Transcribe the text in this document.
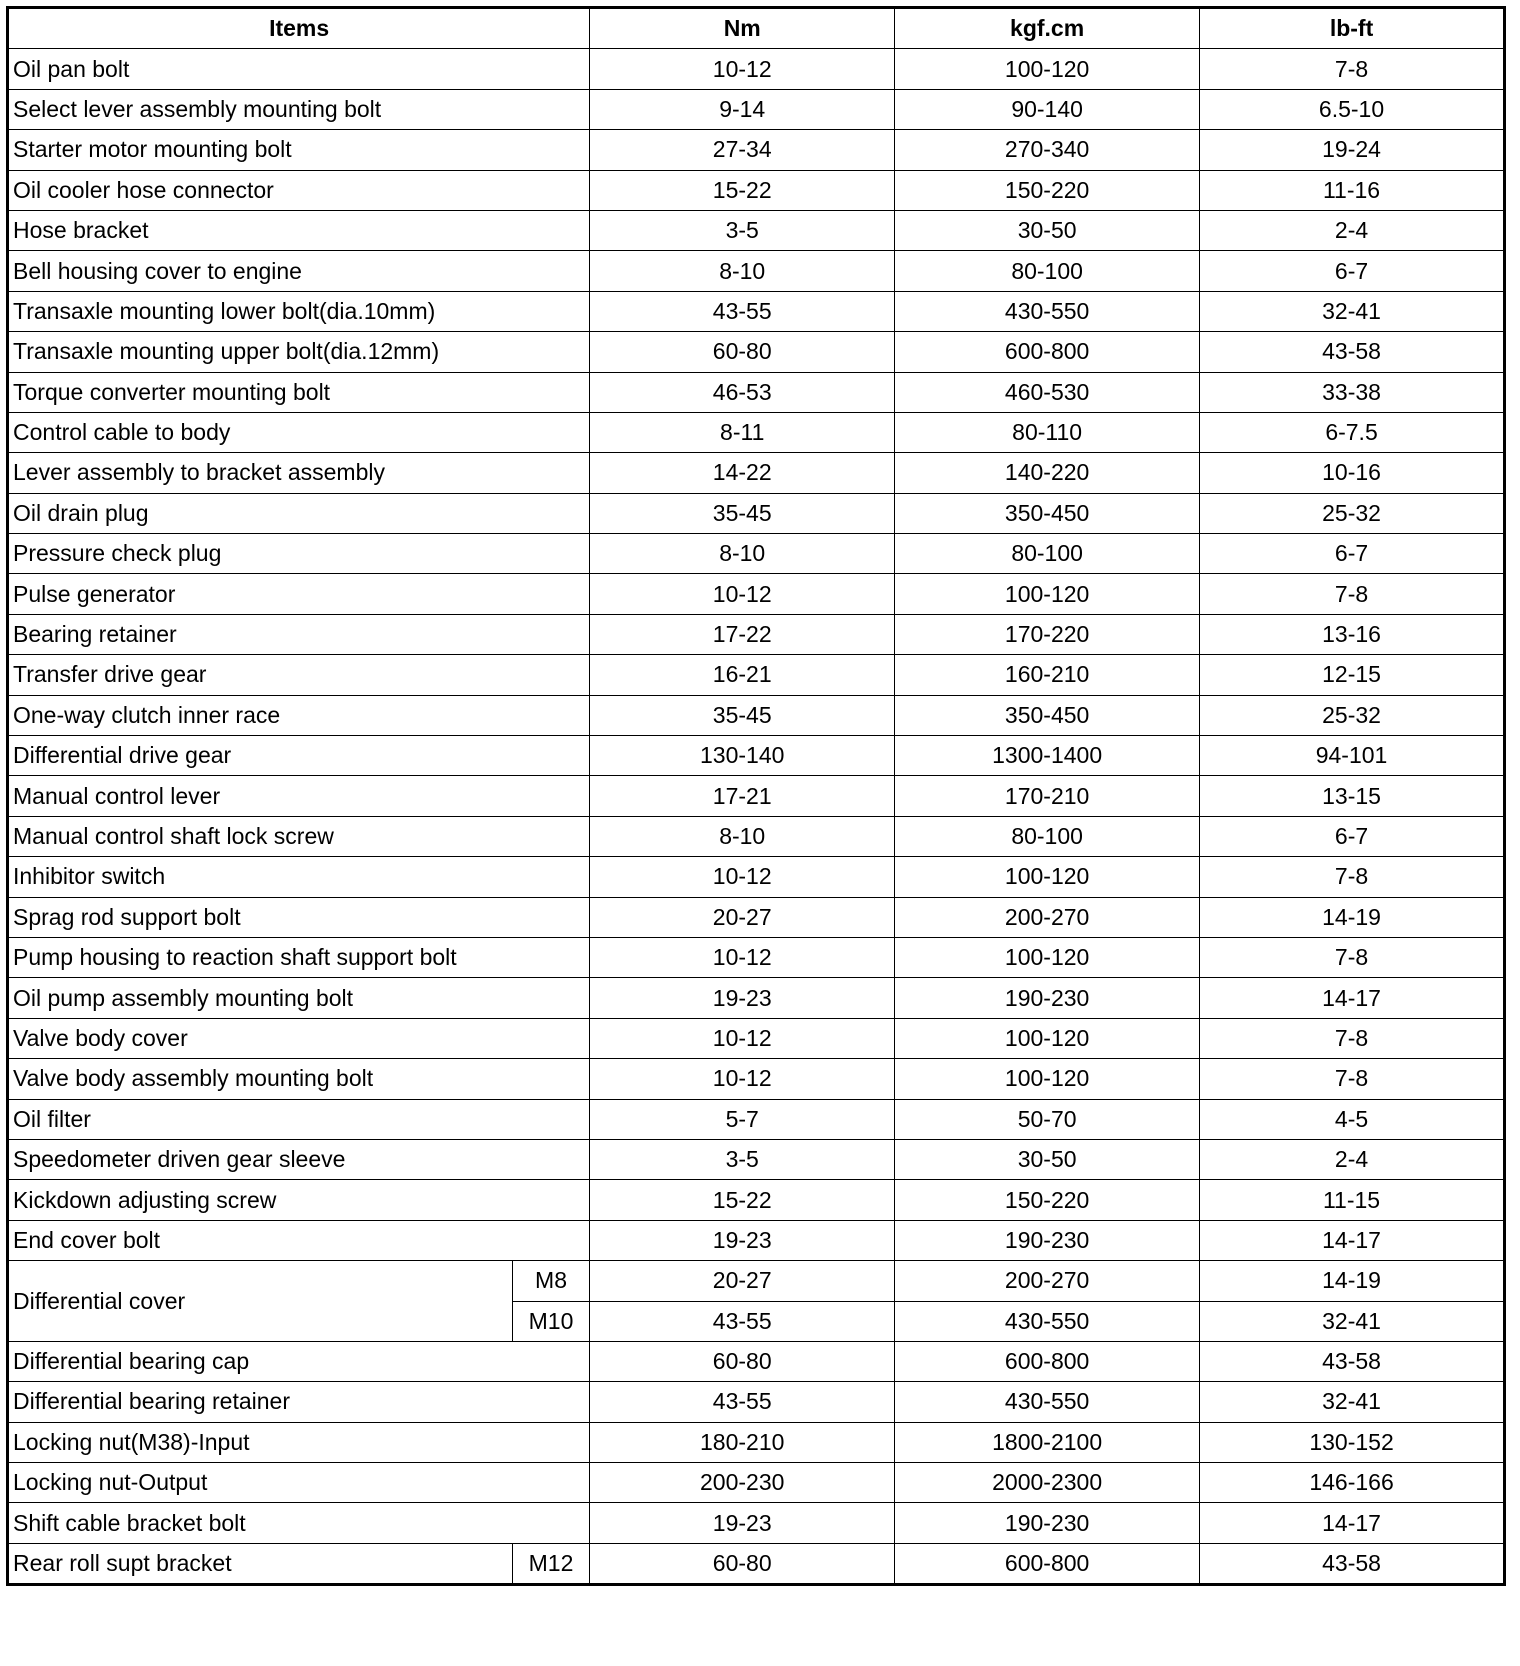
Items		Nm	kgf.cm	lb-ft
Oil pan bolt		10-12	100-120	7-8
Select lever assembly mounting bolt		9-14	90-140	6.5-10
Starter motor mounting bolt		27-34	270-340	19-24
Oil cooler hose connector		15-22	150-220	11-16
Hose bracket		3-5	30-50	2-4
Bell housing cover to engine		8-10	80-100	6-7
Transaxle mounting lower bolt(dia.10mm)		43-55	430-550	32-41
Transaxle mounting upper bolt(dia.12mm)		60-80	600-800	43-58
Torque converter mounting bolt		46-53	460-530	33-38
Control cable to body		8-11	80-110	6-7.5
Lever assembly to bracket assembly		14-22	140-220	10-16
Oil drain plug		35-45	350-450	25-32
Pressure check plug		8-10	80-100	6-7
Pulse generator		10-12	100-120	7-8
Bearing retainer		17-22	170-220	13-16
Transfer drive gear		16-21	160-210	12-15
One-way clutch inner race		35-45	350-450	25-32
Differential drive gear		130-140	1300-1400	94-101
Manual control lever		17-21	170-210	13-15
Manual control shaft lock screw		8-10	80-100	6-7
Inhibitor switch		10-12	100-120	7-8
Sprag rod support bolt		20-27	200-270	14-19
Pump housing to reaction shaft support bolt		10-12	100-120	7-8
Oil pump assembly mounting bolt		19-23	190-230	14-17
Valve body cover		10-12	100-120	7-8
Valve body assembly mounting bolt		10-12	100-120	7-8
Oil filter		5-7	50-70	4-5
Speedometer driven gear sleeve		3-5	30-50	2-4
Kickdown adjusting screw		15-22	150-220	11-15
End cover bolt		19-23	190-230	14-17
Differential cover	M8	20-27	200-270	14-19
	M10	43-55	430-550	32-41
Differential bearing cap		60-80	600-800	43-58
Differential bearing retainer		43-55	430-550	32-41
Locking nut(M38)-Input		180-210	1800-2100	130-152
Locking nut-Output		200-230	2000-2300	146-166
Shift cable bracket bolt		19-23	190-230	14-17
Rear roll supt bracket	M12	60-80	600-800	43-58
